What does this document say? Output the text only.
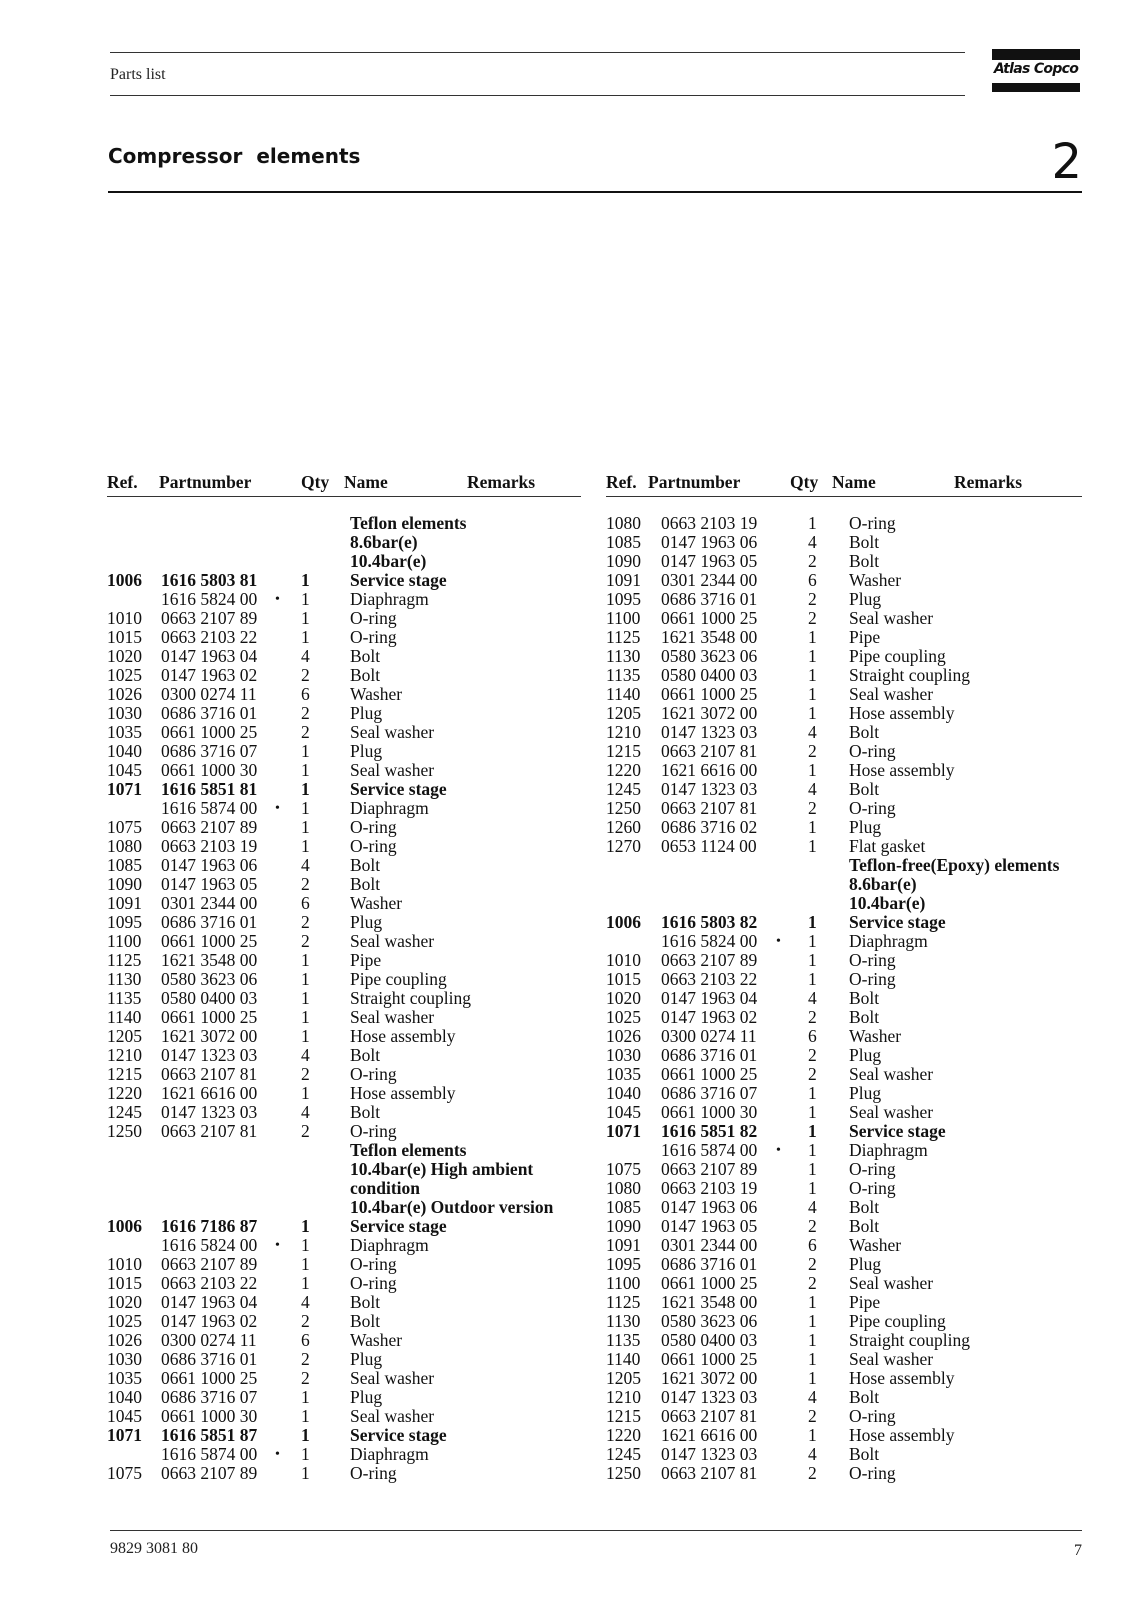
Parts list	Atlas Copco
Compressor  elements	2
Ref. Partnumber	Qty Name	Remarks
Teflon elements
8.6bar(e)
10.4bar(e)
1006 1616 5803 81	1 Service stage
1616 5824 00 • 1 Diaphragm
1010 0663 2107 89	1 O-ring
1015 0663 2103 22	1 O-ring
1020 0147 1963 04	4 Bolt
1025 0147 1963 02	2 Bolt
1026 0300 0274 11	6 Washer
1030 0686 3716 01	2 Plug
1035 0661 1000 25	2 Seal washer
1040 0686 3716 07	1 Plug
1045 0661 1000 30	1 Seal washer
1071 1616 5851 81	1 Service stage
1616 5874 00 • 1 Diaphragm
1075 0663 2107 89	1 O-ring
1080 0663 2103 19	1 O-ring
1085 0147 1963 06	4 Bolt
1090 0147 1963 05	2 Bolt
1091 0301 2344 00	6 Washer
1095 0686 3716 01	2 Plug
1100 0661 1000 25	2 Seal washer
1125 1621 3548 00	1 Pipe
1130 0580 3623 06	1 Pipe coupling
1135 0580 0400 03	1 Straight coupling
1140 0661 1000 25	1 Seal washer
1205 1621 3072 00	1 Hose assembly
1210 0147 1323 03	4 Bolt
1215 0663 2107 81	2 O-ring
1220 1621 6616 00	1 Hose assembly
1245 0147 1323 03	4 Bolt
1250 0663 2107 81	2 O-ring
Teflon elements
10.4bar(e) High ambient
condition
10.4bar(e) Outdoor version
1006 1616 7186 87	1 Service stage
1616 5824 00 • 1 Diaphragm
1010 0663 2107 89	1 O-ring
1015 0663 2103 22	1 O-ring
1020 0147 1963 04	4 Bolt
1025 0147 1963 02	2 Bolt
1026 0300 0274 11	6 Washer
1030 0686 3716 01	2 Plug
1035 0661 1000 25	2 Seal washer
1040 0686 3716 07	1 Plug
1045 0661 1000 30	1 Seal washer
1071 1616 5851 87	1 Service stage
1616 5874 00 • 1 Diaphragm
1075 0663 2107 89	1 O-ring
Ref. Partnumber	Qty Name	Remarks
1080 0663 2103 19	1 O-ring
1085 0147 1963 06	4 Bolt
1090 0147 1963 05	2 Bolt
1091 0301 2344 00	6 Washer
1095 0686 3716 01	2 Plug
1100 0661 1000 25	2 Seal washer
1125 1621 3548 00	1 Pipe
1130 0580 3623 06	1 Pipe coupling
1135 0580 0400 03	1 Straight coupling
1140 0661 1000 25	1 Seal washer
1205 1621 3072 00	1 Hose assembly
1210 0147 1323 03	4 Bolt
1215 0663 2107 81	2 O-ring
1220 1621 6616 00	1 Hose assembly
1245 0147 1323 03	4 Bolt
1250 0663 2107 81	2 O-ring
1260 0686 3716 02	1 Plug
1270 0653 1124 00	1 Flat gasket
Teflon-free(Epoxy) elements
8.6bar(e)
10.4bar(e)
1006 1616 5803 82	1 Service stage
1616 5824 00 • 1 Diaphragm
1010 0663 2107 89	1 O-ring
1015 0663 2103 22	1 O-ring
1020 0147 1963 04	4 Bolt
1025 0147 1963 02	2 Bolt
1026 0300 0274 11	6 Washer
1030 0686 3716 01	2 Plug
1035 0661 1000 25	2 Seal washer
1040 0686 3716 07	1 Plug
1045 0661 1000 30	1 Seal washer
1071 1616 5851 82	1 Service stage
1616 5874 00 • 1 Diaphragm
1075 0663 2107 89	1 O-ring
1080 0663 2103 19	1 O-ring
1085 0147 1963 06	4 Bolt
1090 0147 1963 05	2 Bolt
1091 0301 2344 00	6 Washer
1095 0686 3716 01	2 Plug
1100 0661 1000 25	2 Seal washer
1125 1621 3548 00	1 Pipe
1130 0580 3623 06	1 Pipe coupling
1135 0580 0400 03	1 Straight coupling
1140 0661 1000 25	1 Seal washer
1205 1621 3072 00	1 Hose assembly
1210 0147 1323 03	4 Bolt
1215 0663 2107 81	2 O-ring
1220 1621 6616 00	1 Hose assembly
1245 0147 1323 03	4 Bolt
1250 0663 2107 81	2 O-ring
9829 3081 80	7
